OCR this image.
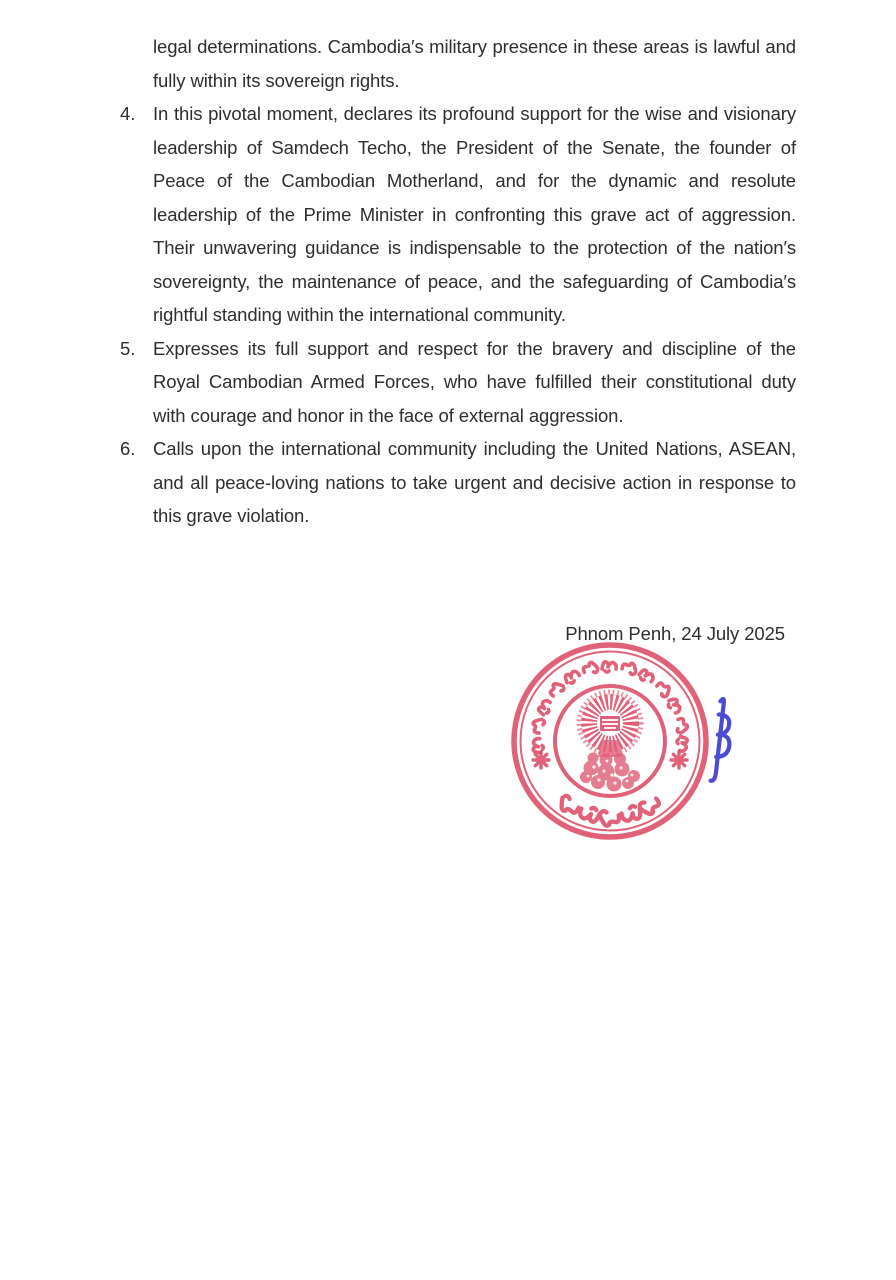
legal determinations. Cambodia′s military presence in these areas is lawful and fully within its sovereign rights.

4. In this pivotal moment, declares its profound support for the wise and visionary leadership of Samdech Techo, the President of the Senate, the founder of Peace of the Cambodian Motherland, and for the dynamic and resolute leadership of the Prime Minister in confronting this grave act of aggression. Their unwavering guidance is indispensable to the protection of the nation′s sovereignty, the maintenance of peace, and the safeguarding of Cambodia′s rightful standing within the international community.

5. Expresses its full support and respect for the bravery and discipline of the Royal Cambodian Armed Forces, who have fulfilled their constitutional duty with courage and honor in the face of external aggression.

6. Calls upon the international community including the United Nations, ASEAN, and all peace-loving nations to take urgent and decisive action in response to this grave violation.

Phnom Penh, 24 July 2025
